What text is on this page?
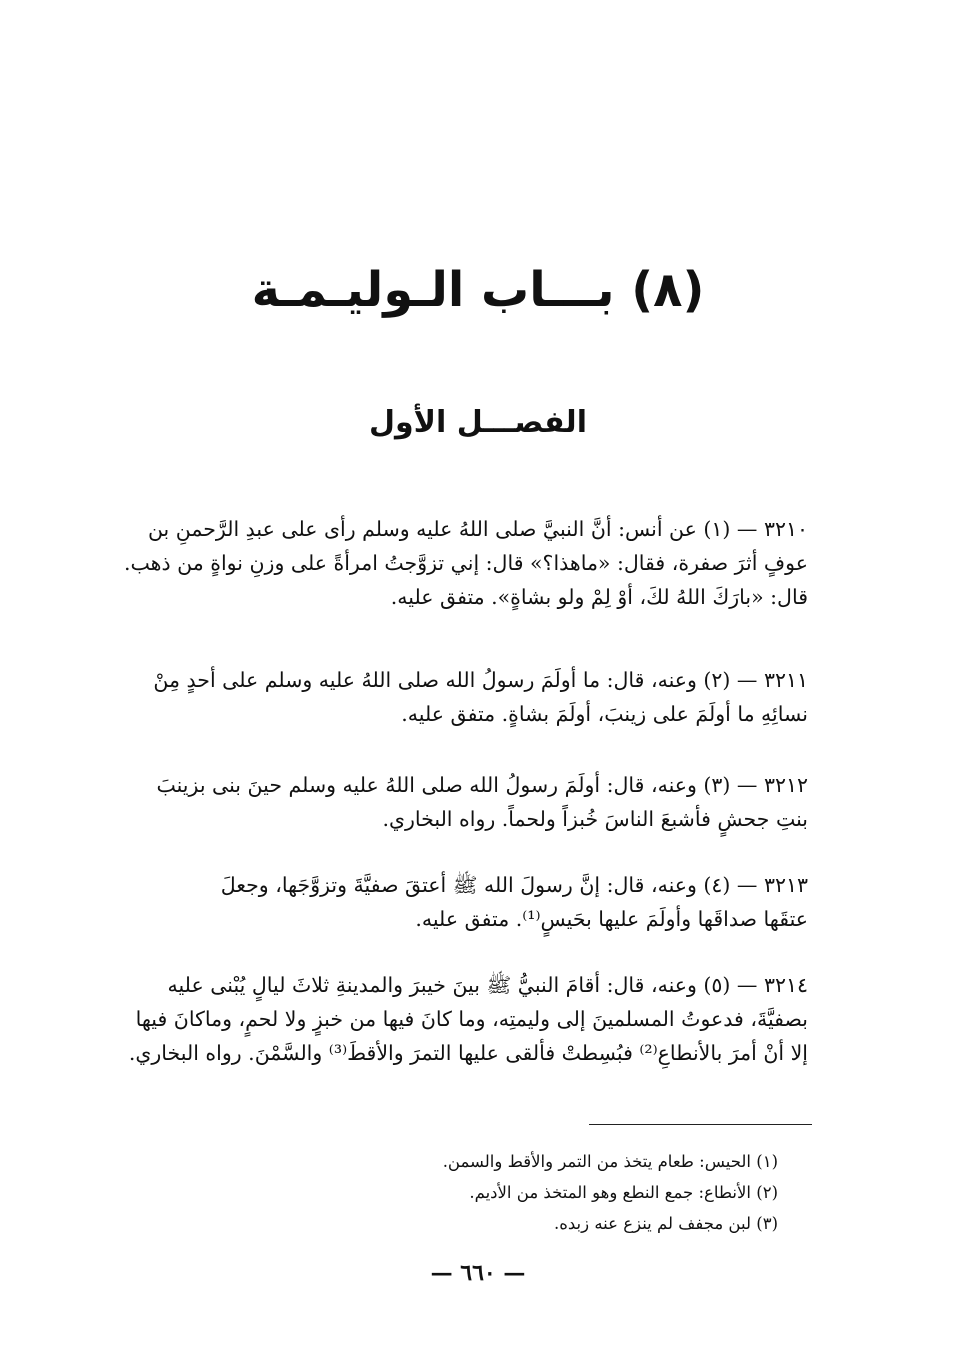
(٨) بـــاب الـوليـمـة
الفصـــل الأول
٣٢١٠ — (١) عن أنس: أنَّ النبيَّ صلى اللهُ عليه وسلم رأى على عبدِ الرَّحمنِ بن
عوفٍ أثرَ صفرة، فقال: «ماهذا؟» قال: إني تزوَّجتُ امرأةً على وزنِ نواةٍ من ذهب.
قال: «بارَكَ اللهُ لكَ، أوْ لِمْ ولو بشاةٍ». متفق عليه.
٣٢١١ — (٢) وعنه، قال: ما أولَمَ رسولُ الله صلى اللهُ عليه وسلم على أحدٍ مِنْ
نسائِهِ ما أولَمَ على زينبَ، أولَمَ بشاةٍ. متفق عليه.
٣٢١٢ — (٣) وعنه، قال: أولَمَ رسولُ الله صلى اللهُ عليه وسلم حينَ بنى بزينبَ
بنتِ جحشٍ فأشبعَ الناسَ خُبزاً ولحماً. رواه البخاري.
٣٢١٣ — (٤) وعنه، قال: إنَّ رسولَ الله ﷺ أعتقَ صفيَّةَ وتزوَّجَها، وجعلَ
عتقَها صداقَها وأولَمَ عليها بحَيسٍ⁽¹⁾. متفق عليه.
٣٢١٤ — (٥) وعنه، قال: أقامَ النبيُّ ﷺ بينَ خيبرَ والمدينةِ ثلاثَ ليالٍ يُبْنى عليه
بصفيَّةَ، فدعوتُ المسلمينَ إلى وليمتِه، وما كانَ فيها من خبزٍ ولا لحمٍ، وماكانَ فيها
إلا أنْ أمرَ بالأنطاعِ⁽²⁾ فبُسِطتْ فألقى عليها التمرَ والأقطَ⁽³⁾ والسَّمْنَ. رواه البخاري.
(١) الحيس: طعام يتخذ من التمر والأقط والسمن.
(٢) الأنطاع: جمع النطع وهو المتخذ من الأديم.
(٣) لبن مجفف لم ينزع عنه زبده.
— ٦٦٠ —
